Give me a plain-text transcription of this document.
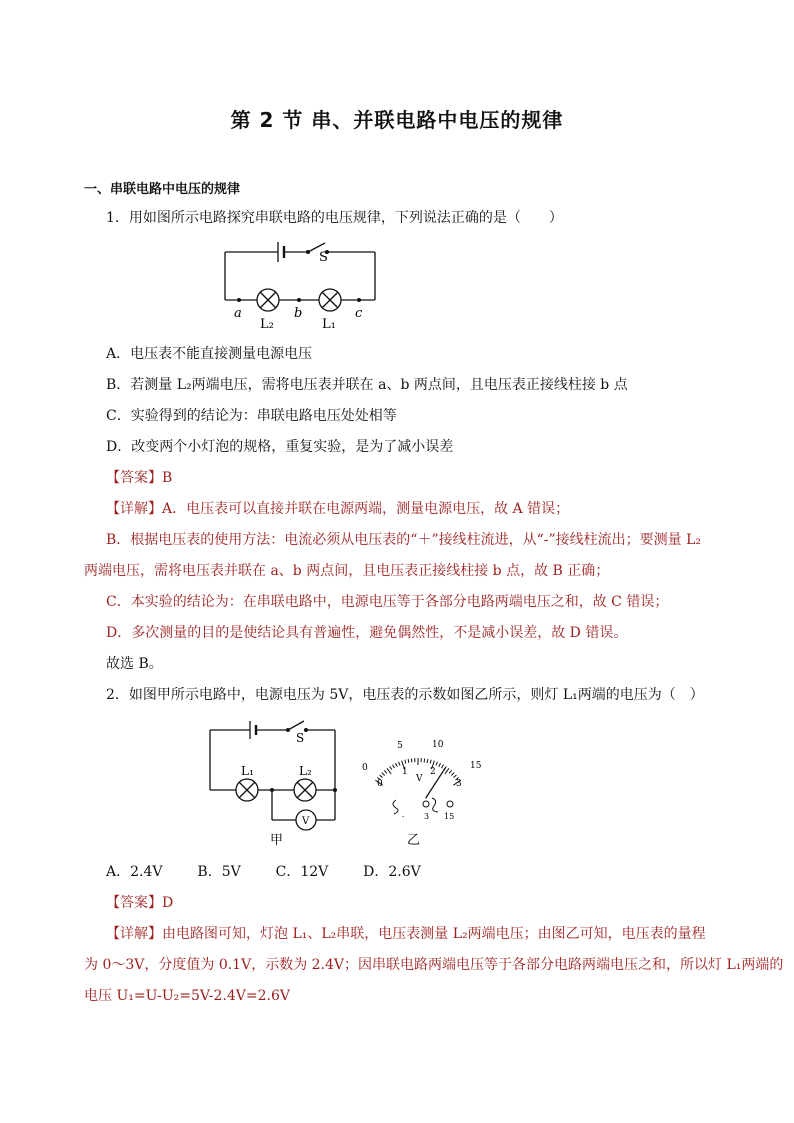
第 2 节 串、并联电路中电压的规律
一、串联电路中电压的规律
1．用如图所示电路探究串联电路的电压规律，下列说法正确的是（　　）
S
a	b	c
L₂	L₁
A．电压表不能直接测量电源电压
B．若测量 L₂两端电压，需将电压表并联在 a、b 两点间，且电压表正接线柱接 b 点
C．实验得到的结论为：串联电路电压处处相等
D．改变两个小灯泡的规格，重复实验，是为了减小误差
【答案】B
【详解】A．电压表可以直接并联在电源两端，测量电源电压，故 A 错误；
B．根据电压表的使用方法：电流必须从电压表的“＋”接线柱流进，从“-”接线柱流出；要测量 L₂
两端电压，需将电压表并联在 a、b 两点间，且电压表正接线柱接 b 点，故 B 正确；
C．本实验的结论为：在串联电路中，电源电压等于各部分电路两端电压之和，故 C 错误；
D．多次测量的目的是使结论具有普遍性，避免偶然性，不是减小误差，故 D 错误。
故选 B。
2．如图甲所示电路中，电源电压为 5V，电压表的示数如图乙所示，则灯 L₁两端的电压为（　）
S
L₁	L₂
V
甲
0
5	10
15
0
1 2
3
V
- 3 15
乙
A．2.4V B．5V C．12V D．2.6V
【答案】D
【详解】由电路图可知，灯泡 L₁、L₂串联，电压表测量 L₂两端电压；由图乙可知，电压表的量程
为 0～3V，分度值为 0.1V，示数为 2.4V；因串联电路两端电压等于各部分电路两端电压之和，所以灯 L₁两端的
电压 U₁=U-U₂=5V-2.4V=2.6V
